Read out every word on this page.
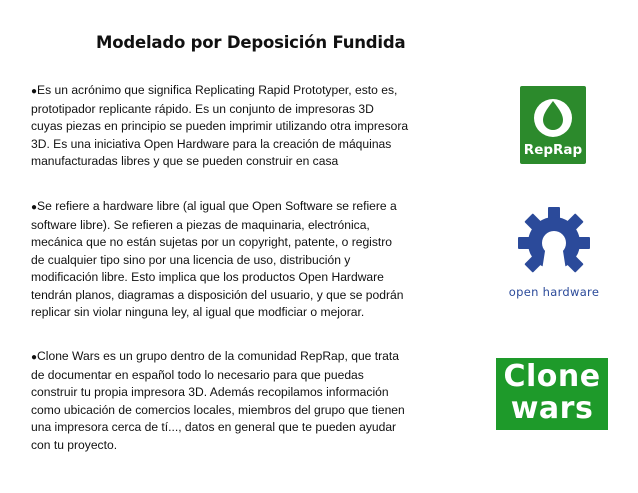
Modelado por Deposición Fundida
●Es un acrónimo que significa Replicating Rapid Prototyper, esto es,
prototipador replicante rápido. Es un conjunto de impresoras 3D
cuyas piezas en principio se pueden imprimir utilizando otra impresora
3D. Es una iniciativa Open Hardware para la creación de máquinas
manufacturadas libres y que se pueden construir en casa
●Se refiere a hardware libre (al igual que Open Software se refiere a
software libre). Se refieren a piezas de maquinaria, electrónica,
mecánica que no están sujetas por un copyright, patente, o registro
de cualquier tipo sino por una licencia de uso, distribución y
modificación libre. Esto implica que los productos Open Hardware
tendrán planos, diagramas a disposición del usuario, y que se podrán
replicar sin violar ninguna ley, al igual que modficiar o mejorar.
●Clone Wars es un grupo dentro de la comunidad RepRap, que trata
de documentar en español todo lo necesario para que puedas
construir tu propia impresora 3D. Además recopilamos información
como ubicación de comercios locales, miembros del grupo que tienen
una impresora cerca de tí..., datos en general que te pueden ayudar
con tu proyecto.
RepRap
open hardware
Clone
wars
